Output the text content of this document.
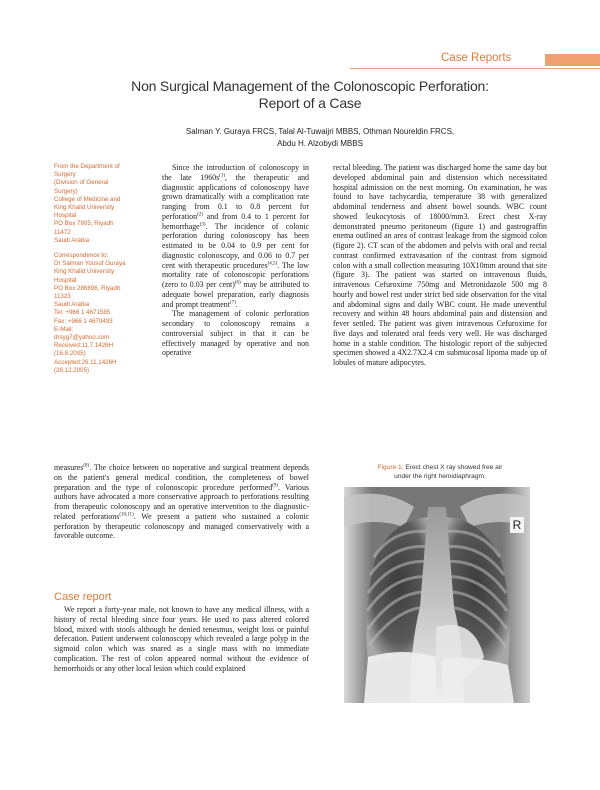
Case Reports
Non Surgical Management of the Colonoscopic Perforation:
Report of a Case
Salman Y. Guraya FRCS, Talal Al-Tuwaijri MBBS, Othman Noureldin FRCS,
Abdu H. Alzobydi MBBS

From the Department of
Surgery
(Division of General
Surgery)
College of Medicine and
King Khalid University
Hospital
PO Box 7805, Riyadh
11472
Saudi Arabia

Correspondence to:
Dr Salman Yousuf Guraya
King Khalid University
Hospital
PO Box 286896, Riyadh
11323
Saudi Arabia
Tel: +966 1 4671585
Fax: +966 1 4679493
E-Mail:
drsyg7@yahoo.com
Received:11.7.1426H
(16.8.2005)
Accepted:26.11.1426H
(26.12.2005)

Since the introduction of colonoscopy in the late $1960s^{(1)}$, the therapeutic and diagnostic applications of colonoscopy have grown dramatically with a complication rate ranging from 0.1 to 0.8 percent for perforation$^{(2)}$ and from 0.4 to 1 percent for hemorrhage$^{(3)}$. The incidence of colonic perforation during colonoscopy has been estimated to be 0.04 to 0.9 per cent for diagnostic colonoscopy, and 0.06 to 0.7 per cent with therapeutic procedures$^{(4,5)}$. The low mortality rate of colonoscopic perforations (zero to 0.03 per cent)$^{(6)}$ may be attributed to adequate bowel preparation, early diagnosis and prompt treatment$^{(7)}$.

The management of colonic perforation secondary to colonoscopy remains a controversial subject in that it can be effectively managed by operative and non operative

measures$^{(8)}$. The choice between no noperative and surgical treatment depends on the patient's general medical condition, the completeness of bowel preparation and the type of colonoscopic procedure performed$^{(9)}$. Various authors have advocated a more conservative approach to perforations resulting from therapeutic colonoscopy and an operative intervention to the diagnostic-related perforations$^{(10,11)}$. We present a patient who sustained a colonic perforation by therapeutic colonoscopy and managed conservatively with a favorable outcome.

Case report

We report a forty-year male, not known to have any medical illness, with a history of rectal bleeding since four years. He used to pass altered colored blood, mixed with stools although he denied tenesmus, weight loss or painful defecation. Patient underwent colonoscopy which revealed a large polyp in the sigmoid colon which was snared as a single mass with no immediate complication. The rest of colon appeared normal without the evidence of hemorrhoids or any other local lesion which could explained

rectal bleeding. The patient was discharged home the same day but developed abdominal pain and distension which necessitated hospital admission on the next morning. On examination, he was found to have tachycardia, temperature 38 with generalized abdominal tenderness and absent bowel sounds. WBC count showed leukocytosis of 18000/mm3. Erect chest X-ray demonstrated pneumo peritoneum (figure 1) and gastrograffin enema outlined an area of contrast leakage from the sigmoid colon (figure 2). CT scan of the abdomen and pelvis with oral and rectal contrast confirmed extravasation of the contrast from sigmoid colon with a small collection measuring 10X10mm around that site (figure 3). The patient was started on intravenous fluids, intravenous Cefuroxime 750mg and Metronidazole 500 mg 8 hourly and bowel rest under strict bed side observation for the vital and abdominal signs and daily WBC count. He made uneventful recovery and within 48 hours abdominal pain and distension and fever settled. The patient was given intravenous Cefuroxime for five days and tolerated oral feeds very well. He was discharged home in a stable condition. The histologic report of the subjected specimen showed a 4X2.7X2.4 cm submucosal lipoma made up of lobules of mature adipocytes.

Figure 1: Erect chest X ray showed free air
under the right hemidiaphragm.
R
